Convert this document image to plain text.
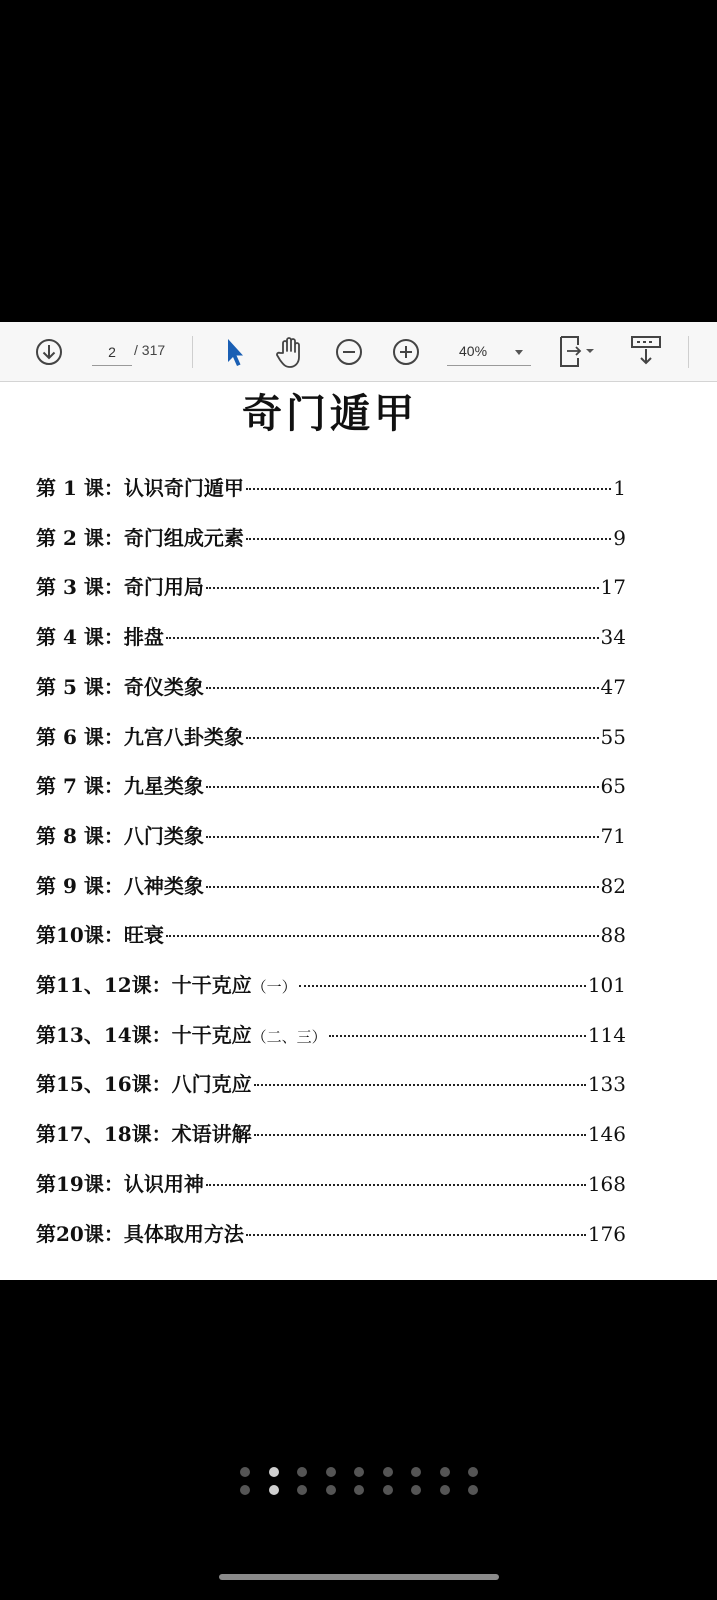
2
/ 317	40%
奇门遁甲
第 1 课：认识奇门遁甲	1
第 2 课：奇门组成元素	9
第 3 课：奇门用局	17
第 4 课：排盘	34
第 5 课：奇仪类象	47
第 6 课：九宫八卦类象	55
第 7 课：九星类象	65
第 8 课：八门类象	71
第 9 课：八神类象	82
第10课：旺衰	88
第11、12课：十干克应 （一）	101
第13、14课：十干克应 （二、三）	114
第15、16课：八门克应	133
第17、18课：术语讲解	146
第19课：认识用神	168
第20课：具体取用方法	176
